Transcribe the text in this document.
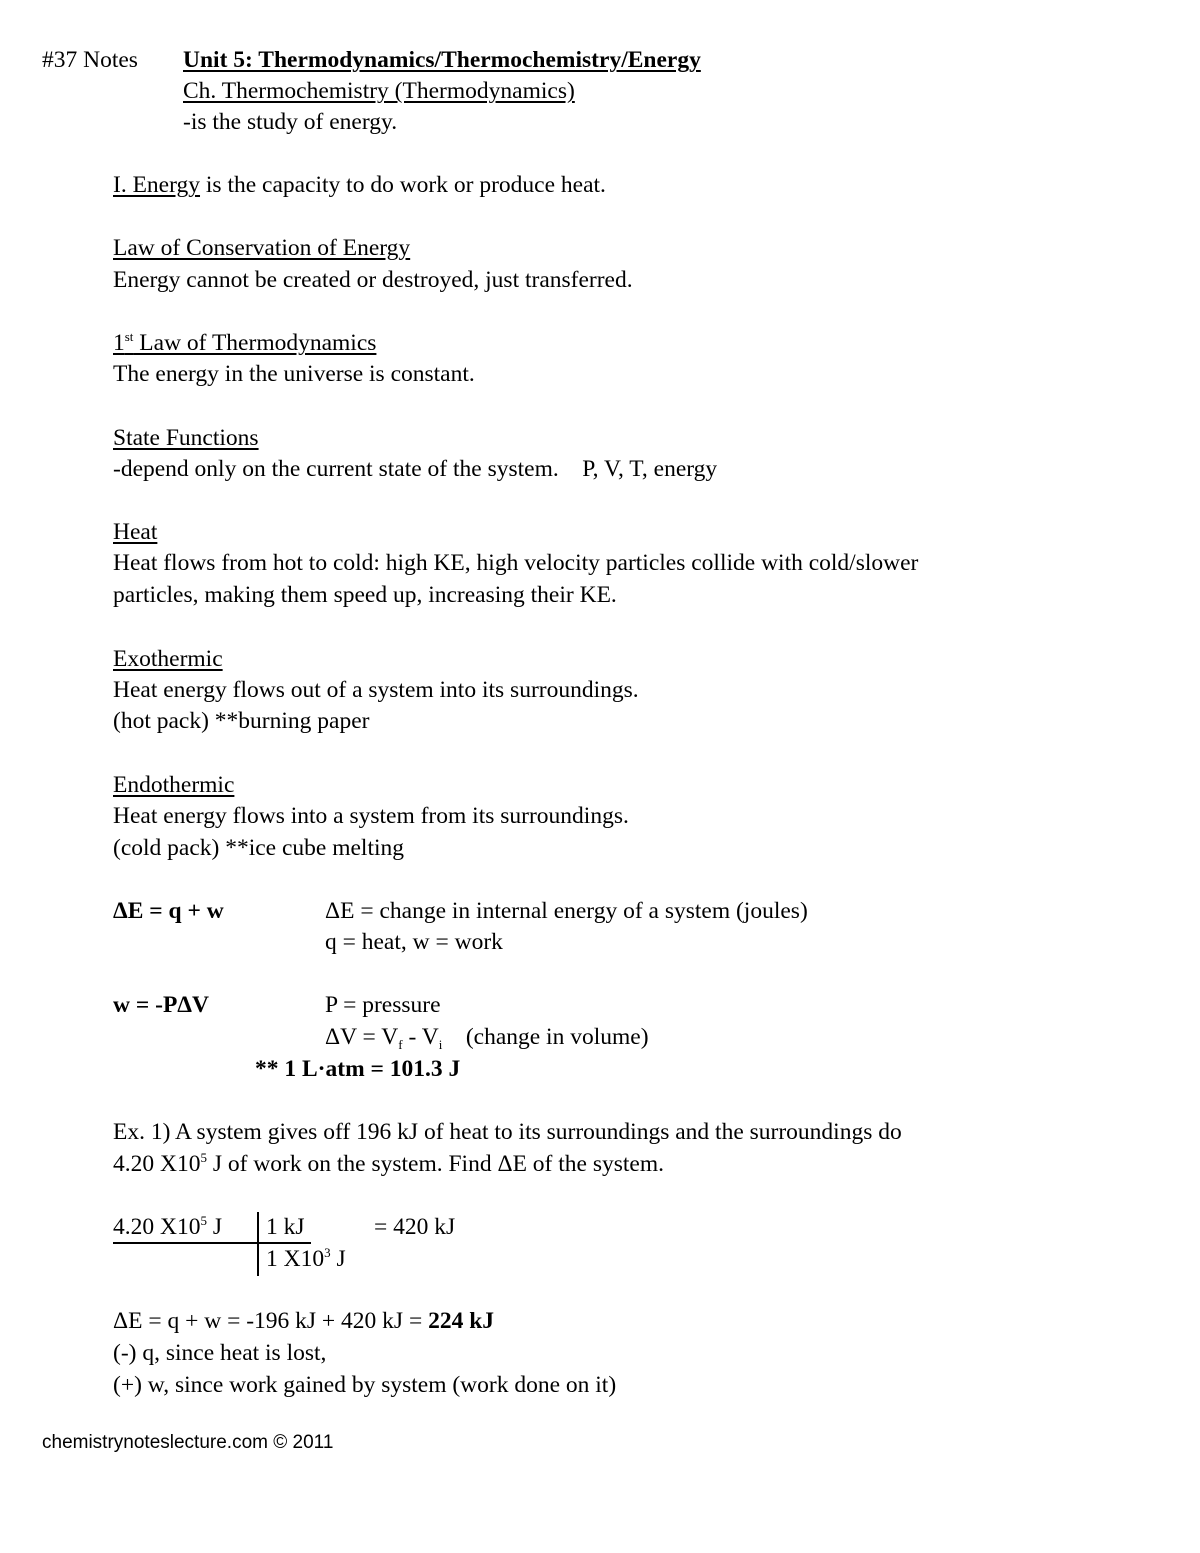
#37 Notes Unit 5: Thermodynamics/Thermochemistry/Energy
Ch. Thermochemistry (Thermodynamics)
-is the study of energy.
I. Energy is the capacity to do work or produce heat.
Law of Conservation of Energy
Energy cannot be created or destroyed, just transferred.
1st Law of Thermodynamics
The energy in the universe is constant.
State Functions
-depend only on the current state of the system.    P, V, T, energy
Heat
Heat flows from hot to cold: high KE, high velocity particles collide with cold/slower
particles, making them speed up, increasing their KE.
Exothermic
Heat energy flows out of a system into its surroundings.
(hot pack) **burning paper
Endothermic
Heat energy flows into a system from its surroundings.
(cold pack) **ice cube melting
ΔE = q + w	ΔE = change in internal energy of a system (joules)
q = heat, w = work
w = -PΔV	P = pressure
$\Delta V = V_f - V_i$    (change in volume)
** 1 L·atm = 101.3 J
Ex. 1) A system gives off 196 kJ of heat to its surroundings and the surroundings do
4.20 $X10^5$ J of work on the system. Find ΔE of the system.
4.20 $X10^5$ J 1 kJ	= 420 kJ
1 $X10^3$ J
ΔE = q + w = -196 kJ + 420 kJ = 224 kJ
(-) q, since heat is lost,
(+) w, since work gained by system (work done on it)
chemistrynoteslecture.com © 2011
